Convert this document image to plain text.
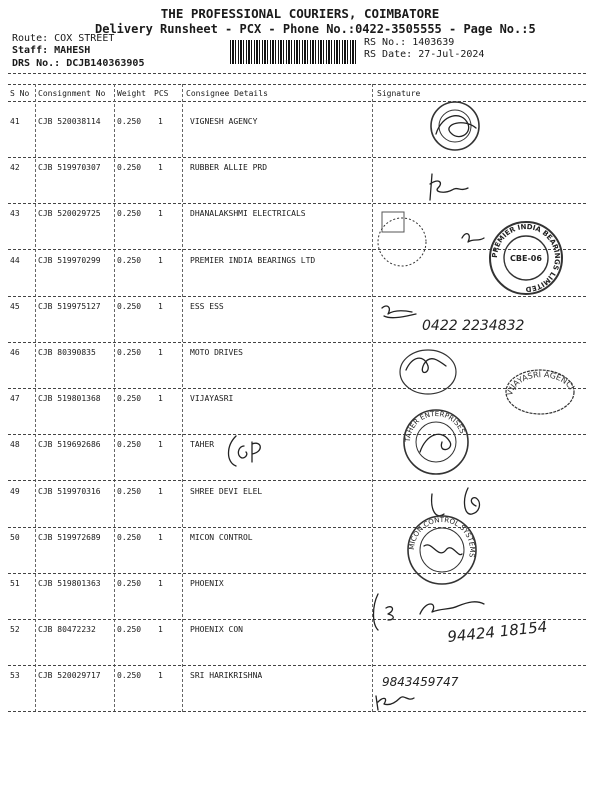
THE PROFESSIONAL COURIERS, COIMBATORE
Delivery Runsheet - PCX - Phone No.:0422-3505555 - Page No.:5
Route: COX STREET
Staff: MAHESH
DRS No.: DCJB140363905
RS No.: 1403639
RS Date: 27-Jul-2024
S No Consignment No Weight PCS Consignee Details	Signature
41 CJB 520038114 0.250 1	VIGNESH AGENCY
42 CJB 519970307 0.250 1	RUBBER ALLIE PRD
43 CJB 520029725 0.250 1	DHANALAKSHMI ELECTRICALS
44 CJB 519970299 0.250 1	PREMIER INDIA BEARINGS LTD
45 CJB 519975127 0.250 1	ESS ESS
46 CJB 80390835	0.250 1	MOTO DRIVES
47 CJB 519801368 0.250 1	VIJAYASRI
48 CJB 519692686 0.250 1	TAHER
49 CJB 519970316 0.250 1	SHREE DEVI ELEL
50 CJB 519972689 0.250 1	MICON CONTROL
51 CJB 519801363 0.250 1	PHOENIX
52 CJB 80472232	0.250 1	PHOENIX CON
53 CJB 520029717 0.250 1	SRI HARIKRISHNA
PREMIER INDIA BEARINGS LIMITED
CBE-06
0422 2234832
VIJAYASRI AGENCIES
TAHER ENTERPRISES
MICON CONTROL SYSTEMS
94424 18154
9843459747
